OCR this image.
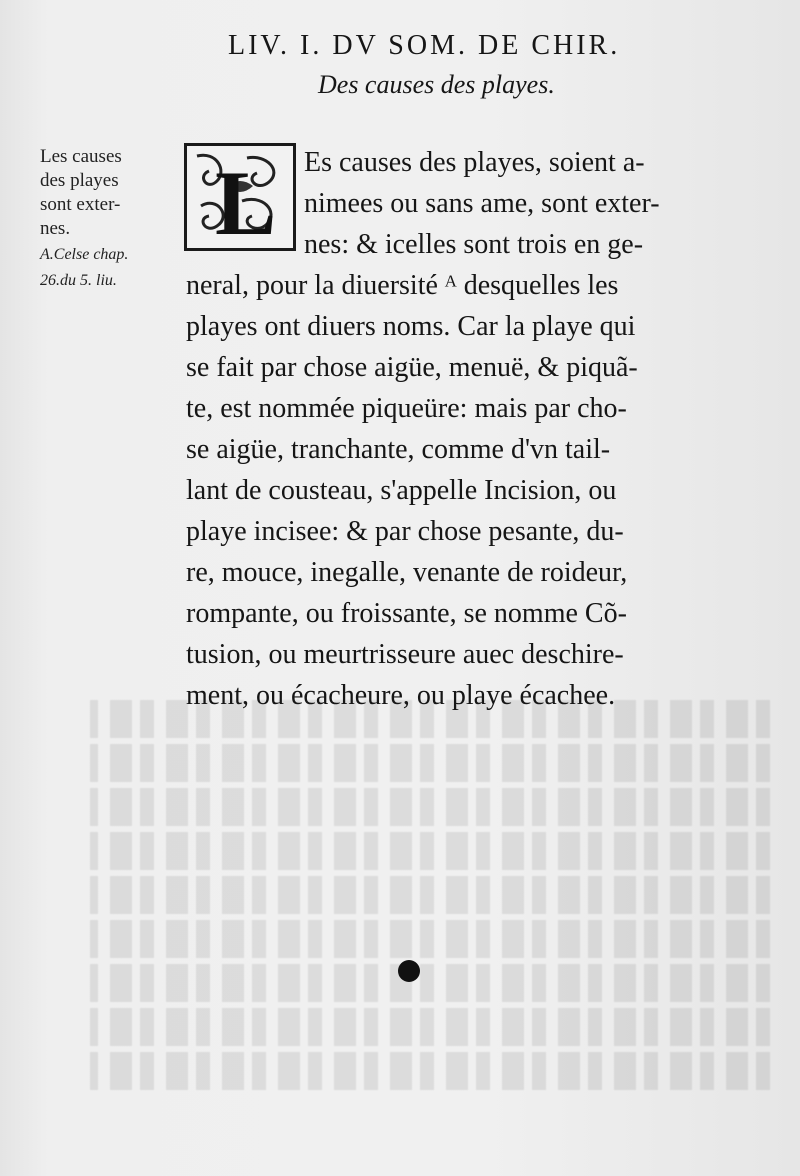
LIV. I. DV SOM. DE CHIR.
Des causes des playes.
Les causes
des playes
sont exter-
nes.
A.Celse chap.
26.du 5. liu.
L Es causes des playes, soient a-
nimees ou sans ame, sont exter-
nes: & icelles sont trois en ge-
neral, pour la diuersité ᴬ desquelles les
playes ont diuers noms. Car la playe qui
se fait par chose aigüe, menuë, & piquã-
te, est nommée piqueüre: mais par cho-
se aigüe, tranchante, comme d'vn tail-
lant de cousteau, s'appelle Incision, ou
playe incisee: & par chose pesante, du-
re, mouce, inegalle, venante de roideur,
rompante, ou froissante, se nomme Cõ-
tusion, ou meurtrisseure auec deschire-
ment, ou écacheure, ou playe écachee.
